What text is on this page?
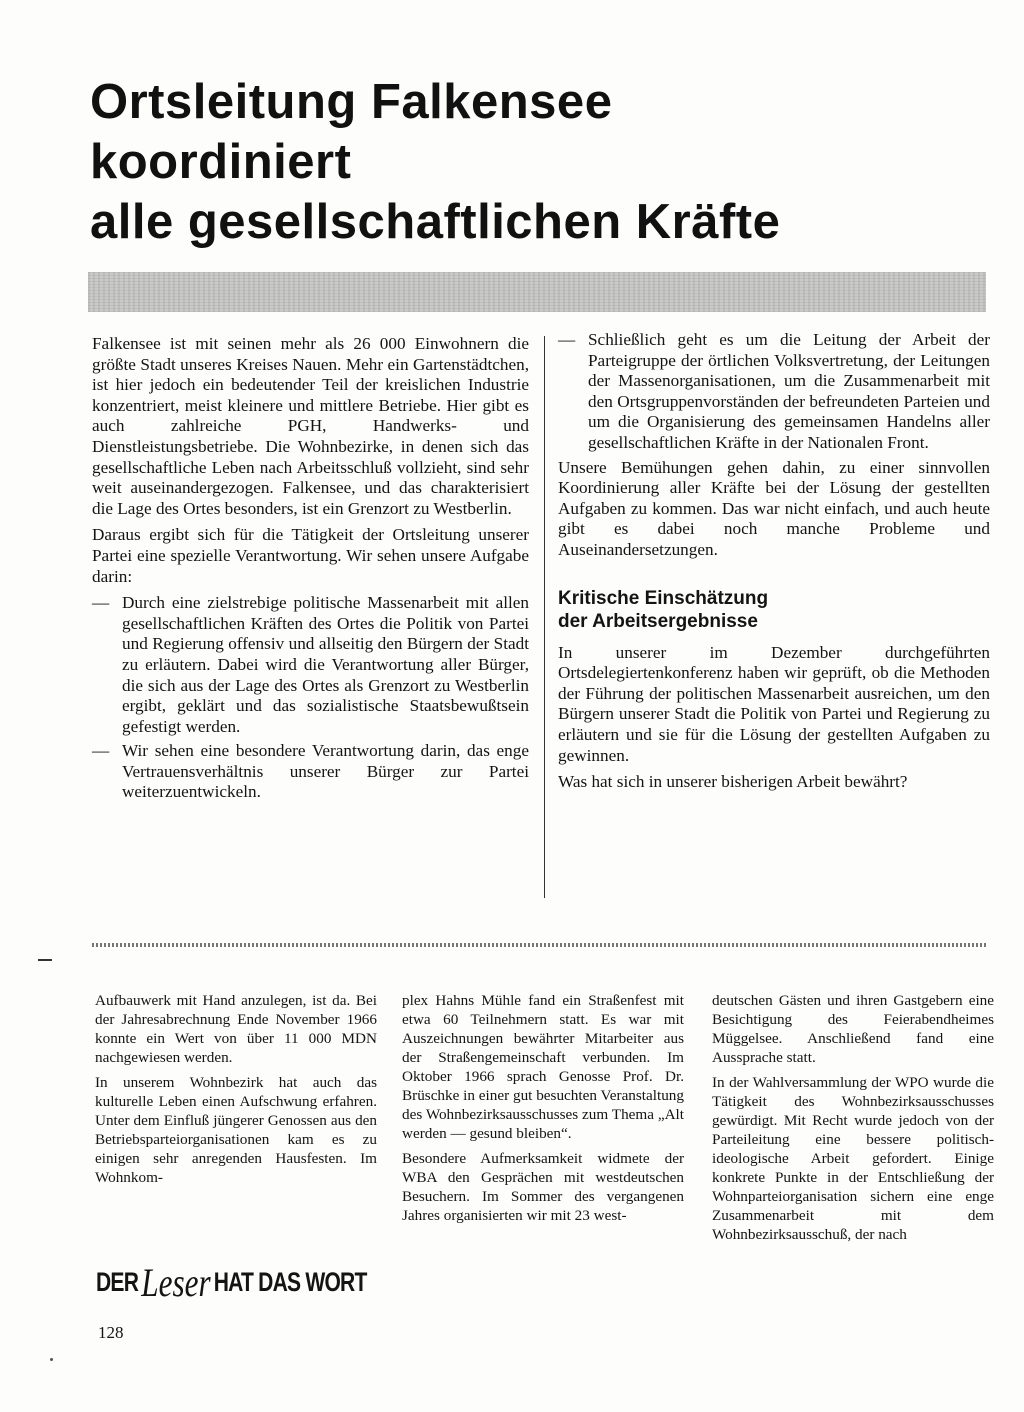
Ortsleitung Falkensee
koordiniert
alle gesellschaftlichen Kräfte

Falkensee ist mit seinen mehr als 26 000 Einwohnern die größte Stadt unseres Kreises Nauen. Mehr ein Gartenstädtchen, ist hier jedoch ein bedeutender Teil der kreislichen Industrie konzentriert, meist kleinere und mittlere Betriebe. Hier gibt es auch zahlreiche PGH, Handwerks- und Dienstleistungsbetriebe. Die Wohnbezirke, in denen sich das gesellschaftliche Leben nach Arbeitsschluß vollzieht, sind sehr weit auseinandergezogen. Falkensee, und das charakterisiert die Lage des Ortes besonders, ist ein Grenzort zu Westberlin.

Daraus ergibt sich für die Tätigkeit der Ortsleitung unserer Partei eine spezielle Verantwortung. Wir sehen unsere Aufgabe darin:

— Durch eine zielstrebige politische Massenarbeit mit allen gesellschaftlichen Kräften des Ortes die Politik von Partei und Regierung offensiv und allseitig den Bürgern der Stadt zu erläutern. Dabei wird die Verantwortung aller Bürger, die sich aus der Lage des Ortes als Grenzort zu Westberlin ergibt, geklärt und das sozialistische Staatsbewußtsein gefestigt werden.
— Wir sehen eine besondere Verantwortung darin, das enge Vertrauensverhältnis unserer Bürger zur Partei weiterzuentwickeln.
— Schließlich geht es um die Leitung der Arbeit der Parteigruppe der örtlichen Volksvertretung, der Leitungen der Massenorganisationen, um die Zusammenarbeit mit den Ortsgruppenvorständen der befreundeten Parteien und um die Organisierung des gemeinsamen Handelns aller gesellschaftlichen Kräfte in der Nationalen Front.

Unsere Bemühungen gehen dahin, zu einer sinnvollen Koordinierung aller Kräfte bei der Lösung der gestellten Aufgaben zu kommen. Das war nicht einfach, und auch heute gibt es dabei noch manche Probleme und Auseinandersetzungen.

Kritische Einschätzung
der Arbeitsergebnisse

In unserer im Dezember durchgeführten Ortsdelegiertenkonferenz haben wir geprüft, ob die Methoden der Führung der politischen Massenarbeit ausreichen, um den Bürgern unserer Stadt die Politik von Partei und Regierung zu erläutern und sie für die Lösung der gestellten Aufgaben zu gewinnen.

Was hat sich in unserer bisherigen Arbeit bewährt?

Aufbauwerk mit Hand anzulegen, ist da. Bei der Jahresabrechnung Ende November 1966 konnte ein Wert von über 11 000 MDN nachgewiesen werden.

In unserem Wohnbezirk hat auch das kulturelle Leben einen Aufschwung erfahren. Unter dem Einfluß jüngerer Genossen aus den Betriebsparteiorganisationen kam es zu einigen sehr anregenden Hausfesten. Im Wohnkom-

plex Hahns Mühle fand ein Straßenfest mit etwa 60 Teilnehmern statt. Es war mit Auszeichnungen bewährter Mitarbeiter aus der Straßengemeinschaft verbunden. Im Oktober 1966 sprach Genosse Prof. Dr. Brüschke in einer gut besuchten Veranstaltung des Wohnbezirksausschusses zum Thema „Alt werden — gesund bleiben“.

Besondere Aufmerksamkeit widmete der WBA den Gesprächen mit westdeutschen Besuchern. Im Sommer des vergangenen Jahres organisierten wir mit 23 west-

deutschen Gästen und ihren Gastgebern eine Besichtigung des Feierabendheimes Müggelsee. Anschließend fand eine Aussprache statt.

In der Wahlversammlung der WPO wurde die Tätigkeit des Wohnbezirksausschusses gewürdigt. Mit Recht wurde jedoch von der Parteileitung eine bessere politisch-ideologische Arbeit gefordert. Einige konkrete Punkte in der Entschließung der Wohnparteiorganisation sichern eine enge Zusammenarbeit mit dem Wohnbezirksausschuß, der nach

DER Leser HAT DAS WORT
128
